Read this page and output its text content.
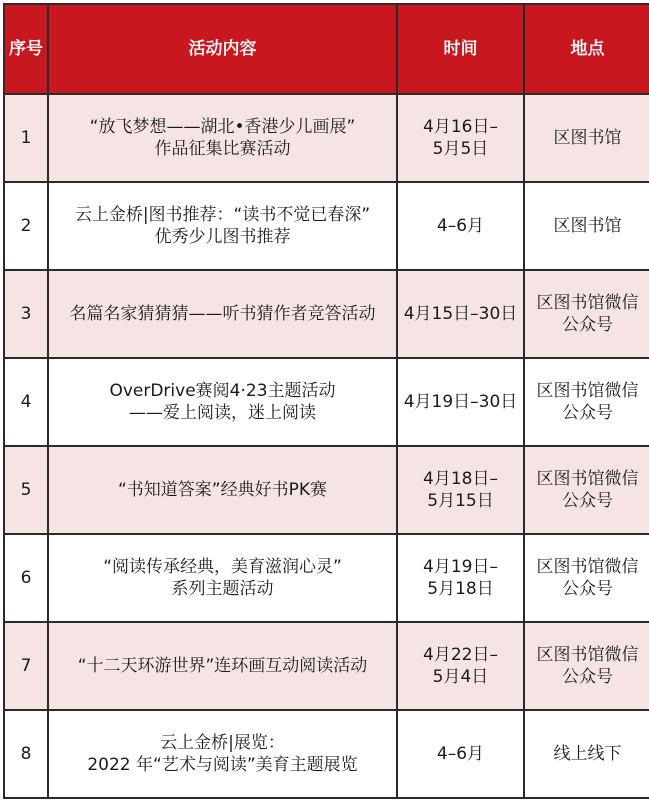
序号	活动内容	时间	地点
1	“放飞梦想——湖北•香港少儿画展”
作品征集比赛活动	4月16日–
5月5日	区图书馆

2	云上金桥|图书推荐：“读书不觉已春深”
优秀少儿图书推荐	4–6月	区图书馆

3	名篇名家猜猜猜——听书猜作者竞答活动	4月15日–30日	区图书馆微信
公众号

4	OverDrive赛阅4·23主题活动
——爱上阅读，迷上阅读	4月19日–30日	区图书馆微信
公众号

5	“书知道答案”经典好书PK赛	4月18日–
5月15日	区图书馆微信
公众号

6	“阅读传承经典，美育滋润心灵”
系列主题活动	4月19日–
5月18日	区图书馆微信
公众号

7	“十二天环游世界”连环画互动阅读活动	4月22日–
5月4日	区图书馆微信
公众号

8	云上金桥|展览：
2022 年“艺术与阅读”美育主题展览	4–6月	线上线下
